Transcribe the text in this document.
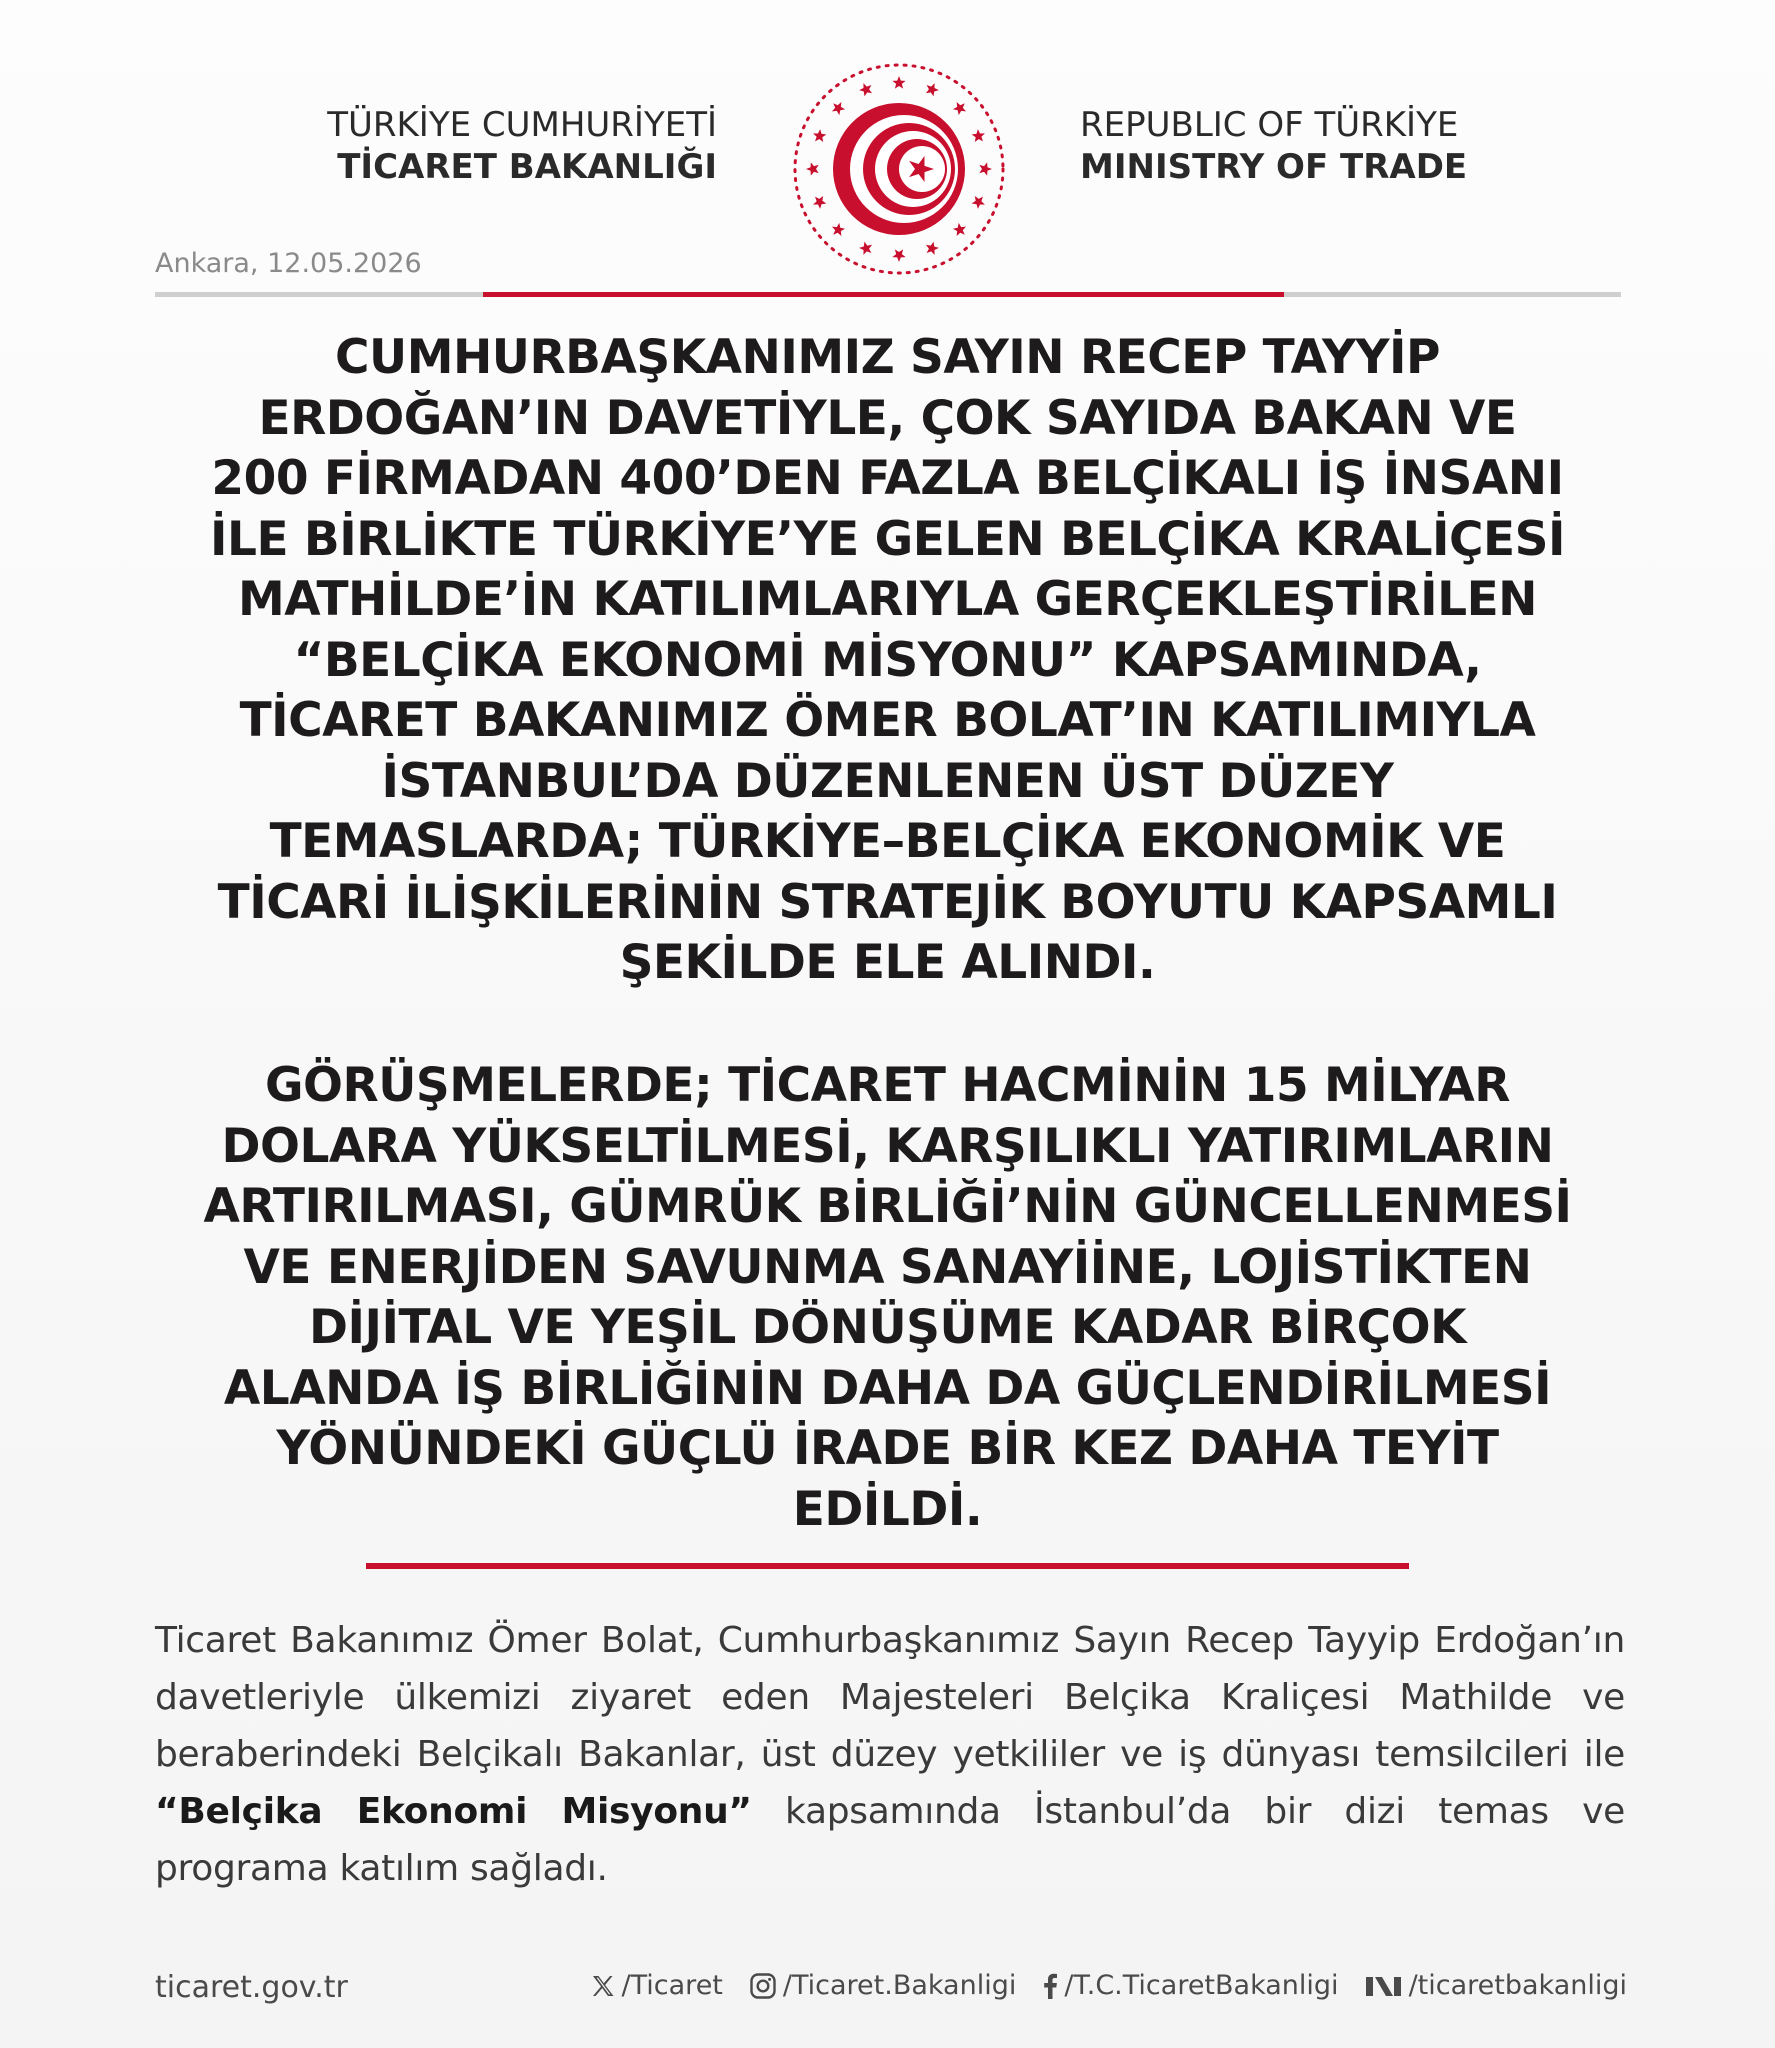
TÜRKİYE CUMHURİYETİ
TİCARET BAKANLIĞI
REPUBLIC OF TÜRKİYE
MINISTRY OF TRADE
Ankara, 12.05.2026

CUMHURBAŞKANIMIZ SAYIN RECEP TAYYİP
ERDOĞAN’IN DAVETİYLE, ÇOK SAYIDA BAKAN VE
200 FİRMADAN 400’DEN FAZLA BELÇİKALI İŞ İNSANI
İLE BİRLİKTE TÜRKİYE’YE GELEN BELÇİKA KRALİÇESİ
MATHİLDE’İN KATILIMLARIYLA GERÇEKLEŞTİRİLEN
“BELÇİKA EKONOMİ MİSYONU” KAPSAMINDA,
TİCARET BAKANIMIZ ÖMER BOLAT’IN KATILIMIYLA
İSTANBUL’DA DÜZENLENEN ÜST DÜZEY
TEMASLARDA; TÜRKİYE–BELÇİKA EKONOMİK VE
TİCARİ İLİŞKİLERİNİN STRATEJİK BOYUTU KAPSAMLI
ŞEKİLDE ELE ALINDI.

GÖRÜŞMELERDE; TİCARET HACMİNİN 15 MİLYAR
DOLARA YÜKSELTİLMESİ, KARŞILIKLI YATIRIMLARIN
ARTIRILMASI, GÜMRÜK BİRLİĞİ’NİN GÜNCELLENMESİ
VE ENERJİDEN SAVUNMA SANAYİİNE, LOJİSTİKTEN
DİJİTAL VE YEŞİL DÖNÜŞÜME KADAR BİRÇOK
ALANDA İŞ BİRLİĞİNİN DAHA DA GÜÇLENDİRİLMESİ
YÖNÜNDEKİ GÜÇLÜ İRADE BİR KEZ DAHA TEYİT
EDİLDİ.

Ticaret Bakanımız Ömer Bolat, Cumhurbaşkanımız Sayın Recep Tayyip Erdoğan’ın davetleriyle ülkemizi ziyaret eden Majesteleri Belçika Kraliçesi Mathilde ve beraberindeki Belçikalı Bakanlar, üst düzey yetkililer ve iş dünyası temsilcileri ile “Belçika Ekonomi Misyonu” kapsamında İstanbul’da bir dizi temas ve programa katılım sağladı.

ticaret.gov.tr	/Ticaret /Ticaret.Bakanligi /T.C.TicaretBakanligi	/ticaretbakanligi
